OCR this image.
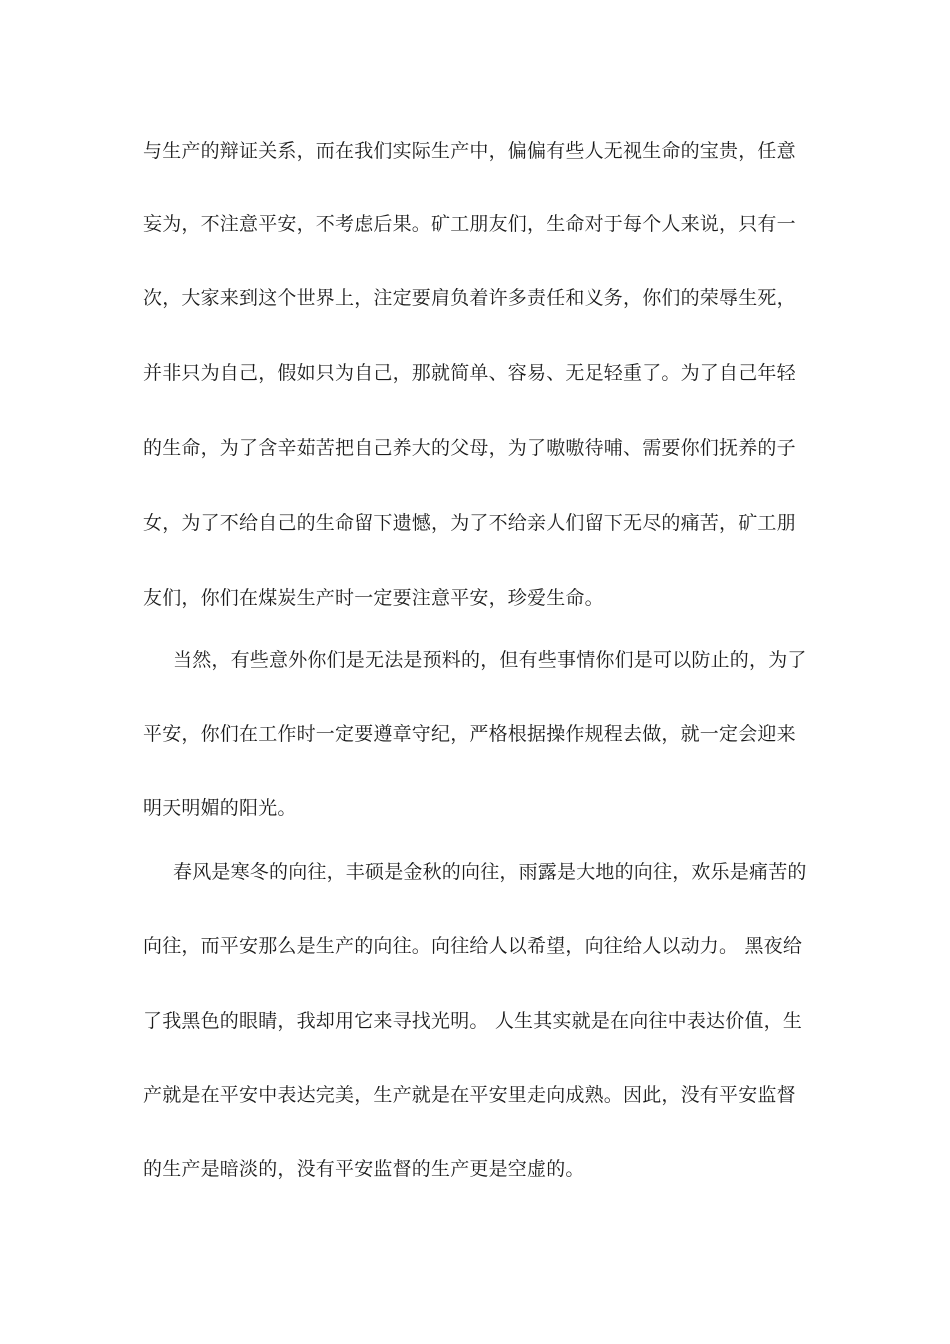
与生产的辩证关系，而在我们实际生产中，偏偏有些人无视生命的宝贵，任意
妄为，不注意平安，不考虑后果。矿工朋友们，生命对于每个人来说，只有一
次，大家来到这个世界上，注定要肩负着许多责任和义务，你们的荣辱生死，
并非只为自己，假如只为自己，那就简单、容易、无足轻重了。为了自己年轻
的生命，为了含辛茹苦把自己养大的父母，为了嗷嗷待哺、需要你们抚养的子
女，为了不给自己的生命留下遗憾，为了不给亲人们留下无尽的痛苦，矿工朋
友们，你们在煤炭生产时一定要注意平安，珍爱生命。
当然，有些意外你们是无法是预料的，但有些事情你们是可以防止的，为了
平安，你们在工作时一定要遵章守纪，严格根据操作规程去做，就一定会迎来
明天明媚的阳光。
春风是寒冬的向往，丰硕是金秋的向往，雨露是大地的向往，欢乐是痛苦的
向往，而平安那么是生产的向往。向往给人以希望，向往给人以动力。 黑夜给
了我黑色的眼睛，我却用它来寻找光明。 人生其实就是在向往中表达价值，生
产就是在平安中表达完美，生产就是在平安里走向成熟。因此，没有平安监督
的生产是暗淡的，没有平安监督的生产更是空虚的。
